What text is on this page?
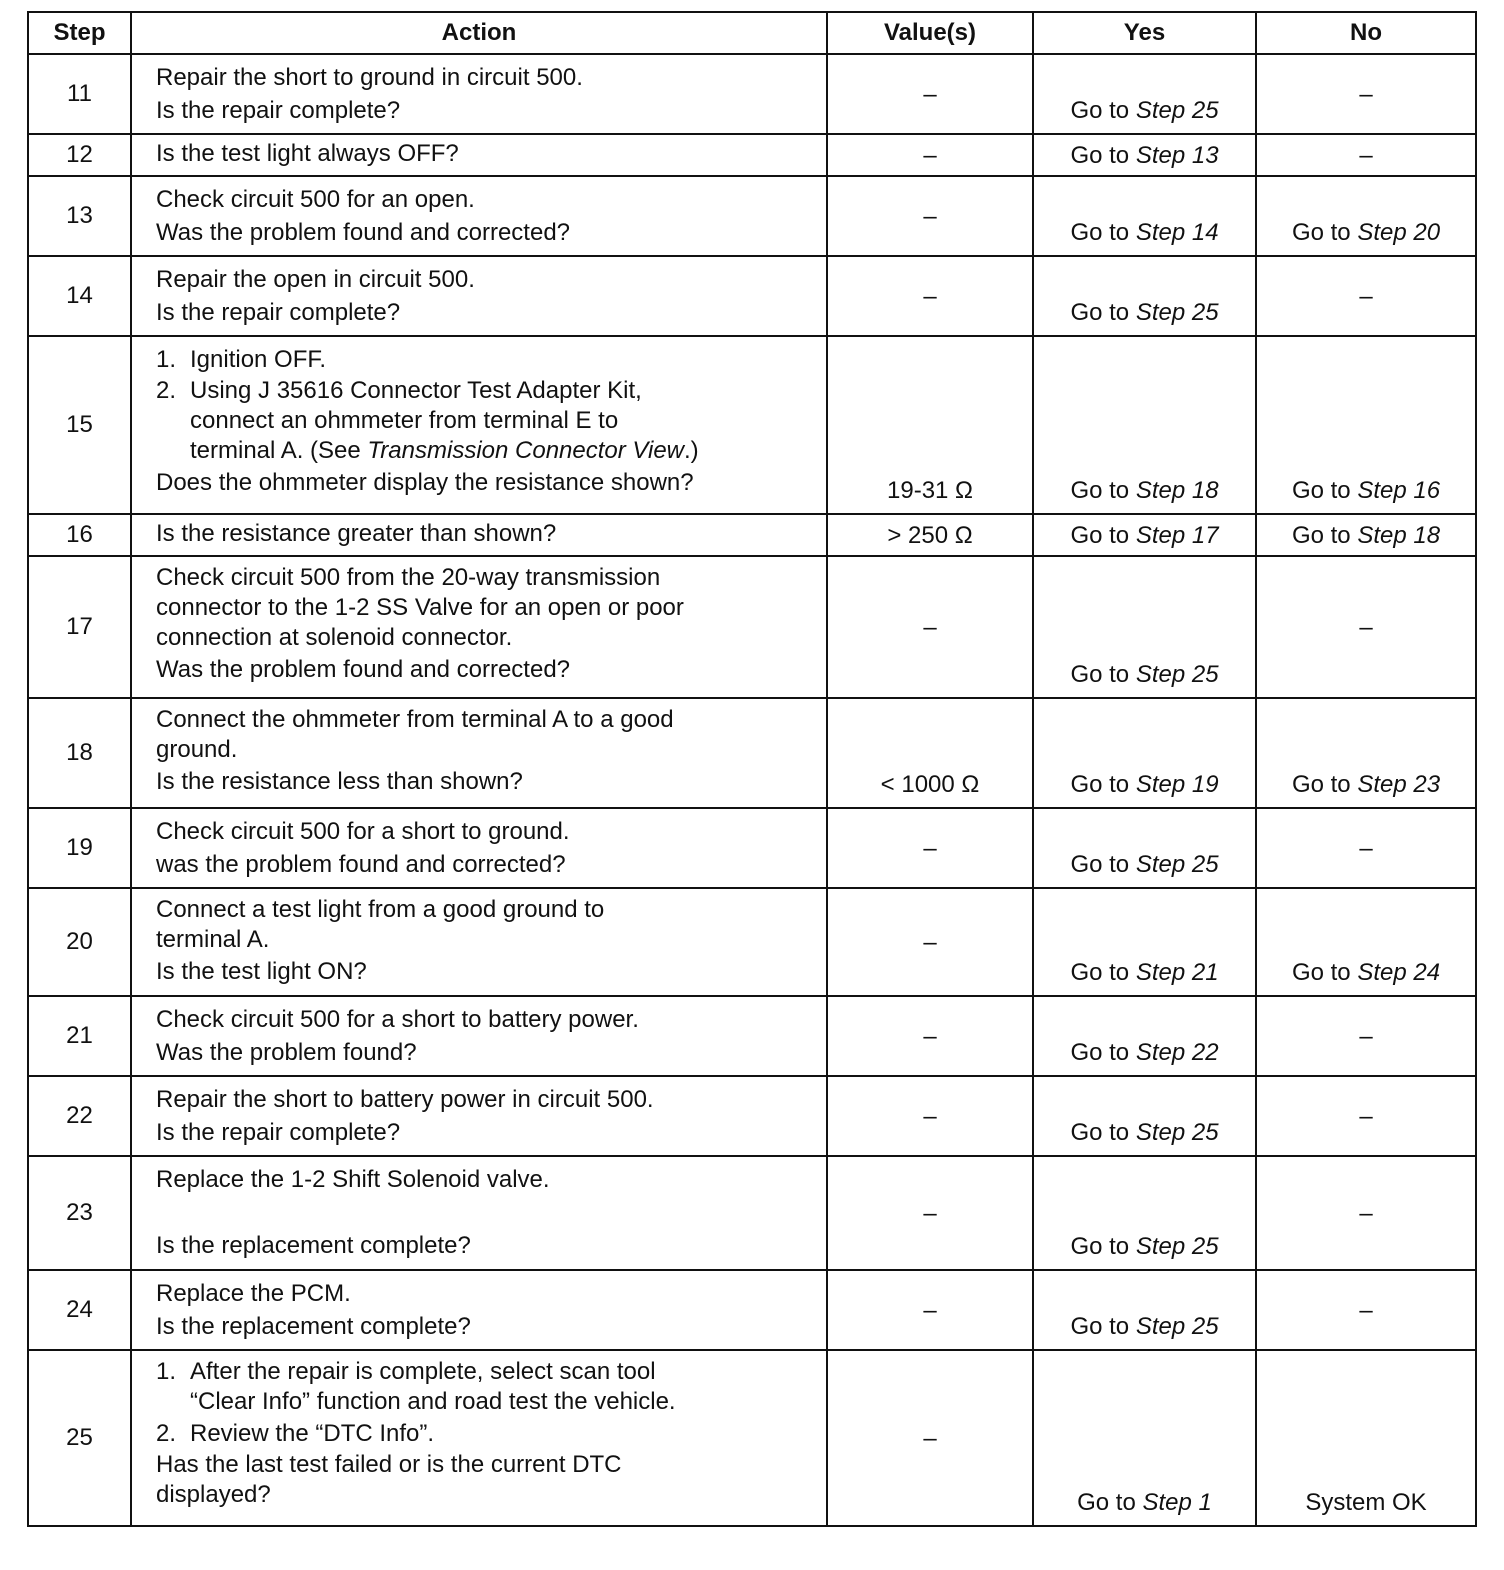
Step	Action	Value(s)	Yes	No
11	Repair the short to ground in circuit 500.
Is the repair complete?	–	Go to Step 25	–
12	Is the test light always OFF?	–	Go to Step 13	–
13	Check circuit 500 for an open.
Was the problem found and corrected?	–	Go to Step 14	Go to Step 20
14	Repair the open in circuit 500.
Is the repair complete?	–	Go to Step 25	–
15	1. Ignition OFF.
2. Using J 35616 Connector Test Adapter Kit,
connect an ohmmeter from terminal E to
terminal A. (See Transmission Connector View.)
Does the ohmmeter display the resistance shown?	19-31 Ω	Go to Step 18	Go to Step 16
16	Is the resistance greater than shown?	> 250 Ω	Go to Step 17	Go to Step 18
17	Check circuit 500 from the 20-way transmission
connector to the 1-2 SS Valve for an open or poor
connection at solenoid connector.
Was the problem found and corrected?	–	Go to Step 25	–
18	Connect the ohmmeter from terminal A to a good
ground.
Is the resistance less than shown?	< 1000 Ω	Go to Step 19	Go to Step 23
19	Check circuit 500 for a short to ground.
was the problem found and corrected?	–	Go to Step 25	–
20	Connect a test light from a good ground to
terminal A.
Is the test light ON?	–	Go to Step 21	Go to Step 24
21	Check circuit 500 for a short to battery power.
Was the problem found?	–	Go to Step 22	–
22	Repair the short to battery power in circuit 500.
Is the repair complete?	–	Go to Step 25	–
23	Replace the 1-2 Shift Solenoid valve.
Is the replacement complete?	–	Go to Step 25	–
24	Replace the PCM.
Is the replacement complete?	–	Go to Step 25	–
25	1. After the repair is complete, select scan tool
“Clear Info” function and road test the vehicle.
2. Review the “DTC Info”.
Has the last test failed or is the current DTC
displayed?	–	Go to Step 1	System OK
